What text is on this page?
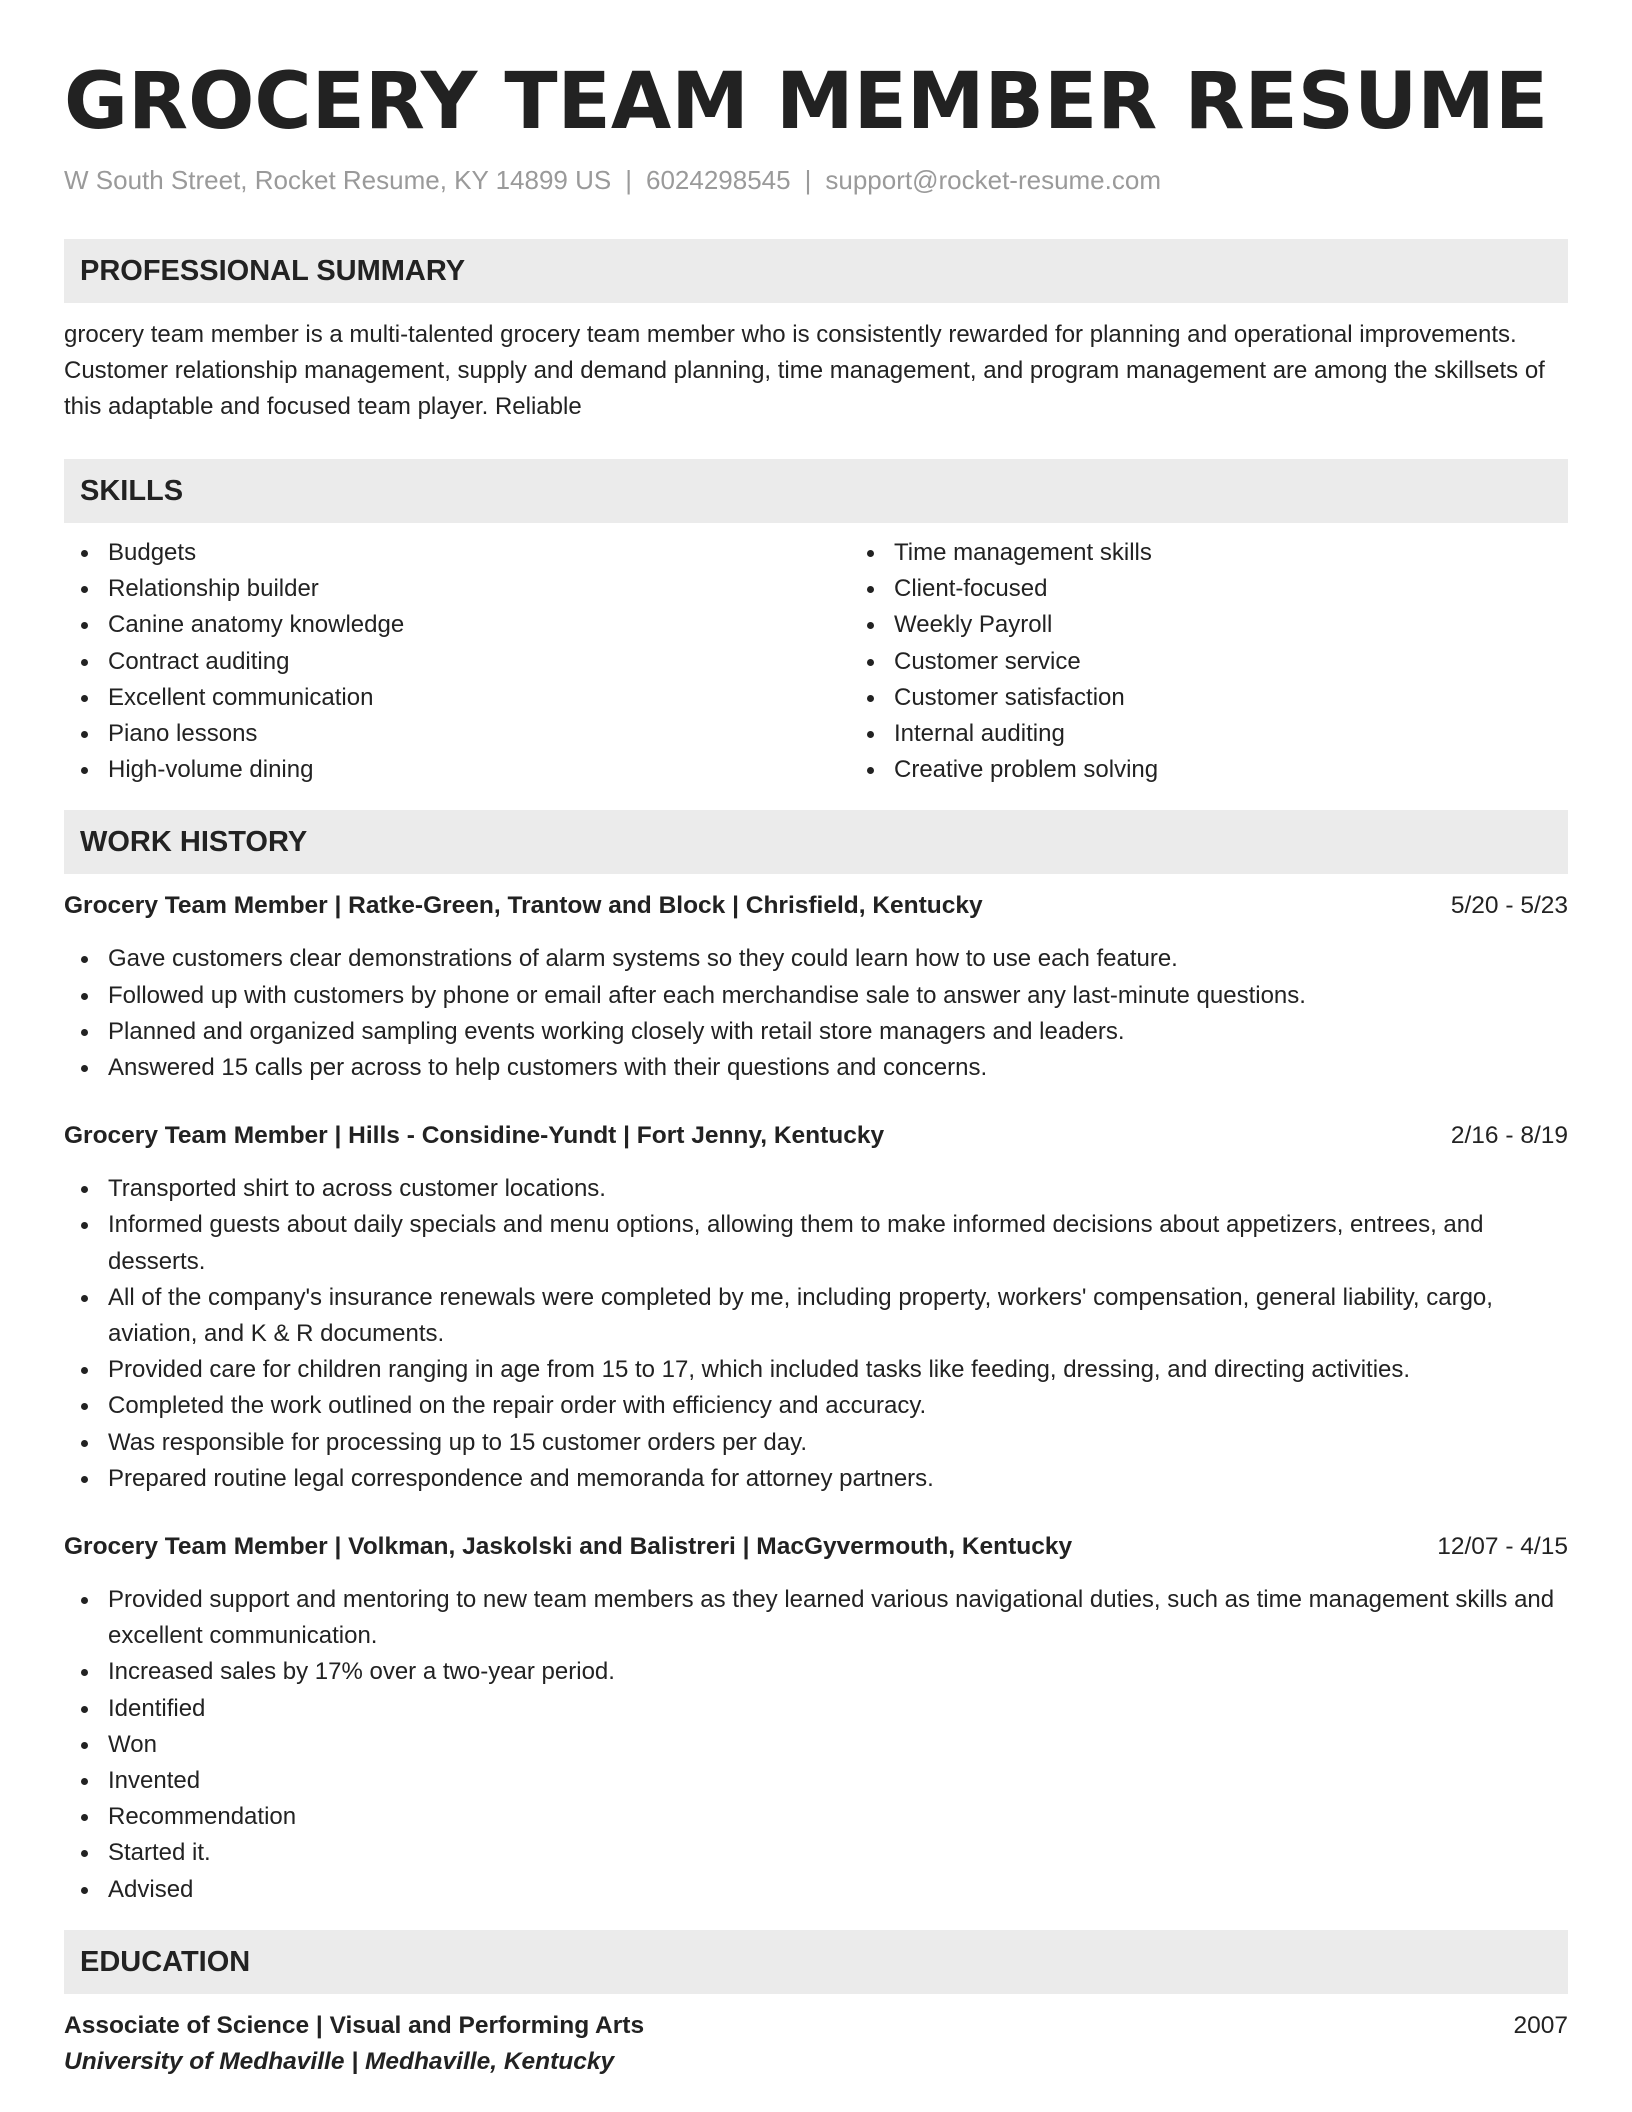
GROCERY TEAM MEMBER RESUME
W South Street, Rocket Resume, KY 14899 US | 6024298545 | support@rocket-resume.com
PROFESSIONAL SUMMARY
grocery team member is a multi-talented grocery team member who is consistently rewarded for planning and operational improvements. Customer relationship management, supply and demand planning, time management, and program management are among the skillsets of this adaptable and focused team player. Reliable
SKILLS
Budgets
Relationship builder
Canine anatomy knowledge
Contract auditing
Excellent communication
Piano lessons
High-volume dining
Time management skills
Client-focused
Weekly Payroll
Customer service
Customer satisfaction
Internal auditing
Creative problem solving
WORK HISTORY
Grocery Team Member | Ratke-Green, Trantow and Block | Chrisfield, Kentucky	5/20 - 5/23
Gave customers clear demonstrations of alarm systems so they could learn how to use each feature.
Followed up with customers by phone or email after each merchandise sale to answer any last-minute questions.
Planned and organized sampling events working closely with retail store managers and leaders.
Answered 15 calls per across to help customers with their questions and concerns.
Grocery Team Member | Hills - Considine-Yundt | Fort Jenny, Kentucky	2/16 - 8/19
Transported shirt to across customer locations.
Informed guests about daily specials and menu options, allowing them to make informed decisions about appetizers, entrees, and desserts.
All of the company's insurance renewals were completed by me, including property, workers' compensation, general liability, cargo, aviation, and K & R documents.
Provided care for children ranging in age from 15 to 17, which included tasks like feeding, dressing, and directing activities.
Completed the work outlined on the repair order with efficiency and accuracy.
Was responsible for processing up to 15 customer orders per day.
Prepared routine legal correspondence and memoranda for attorney partners.
Grocery Team Member | Volkman, Jaskolski and Balistreri | MacGyvermouth, Kentucky	12/07 - 4/15
Provided support and mentoring to new team members as they learned various navigational duties, such as time management skills and excellent communication.
Increased sales by 17% over a two-year period.
Identified
Won
Invented
Recommendation
Started it.
Advised
EDUCATION
Associate of Science | Visual and Performing Arts	2007
University of Medhaville | Medhaville, Kentucky
